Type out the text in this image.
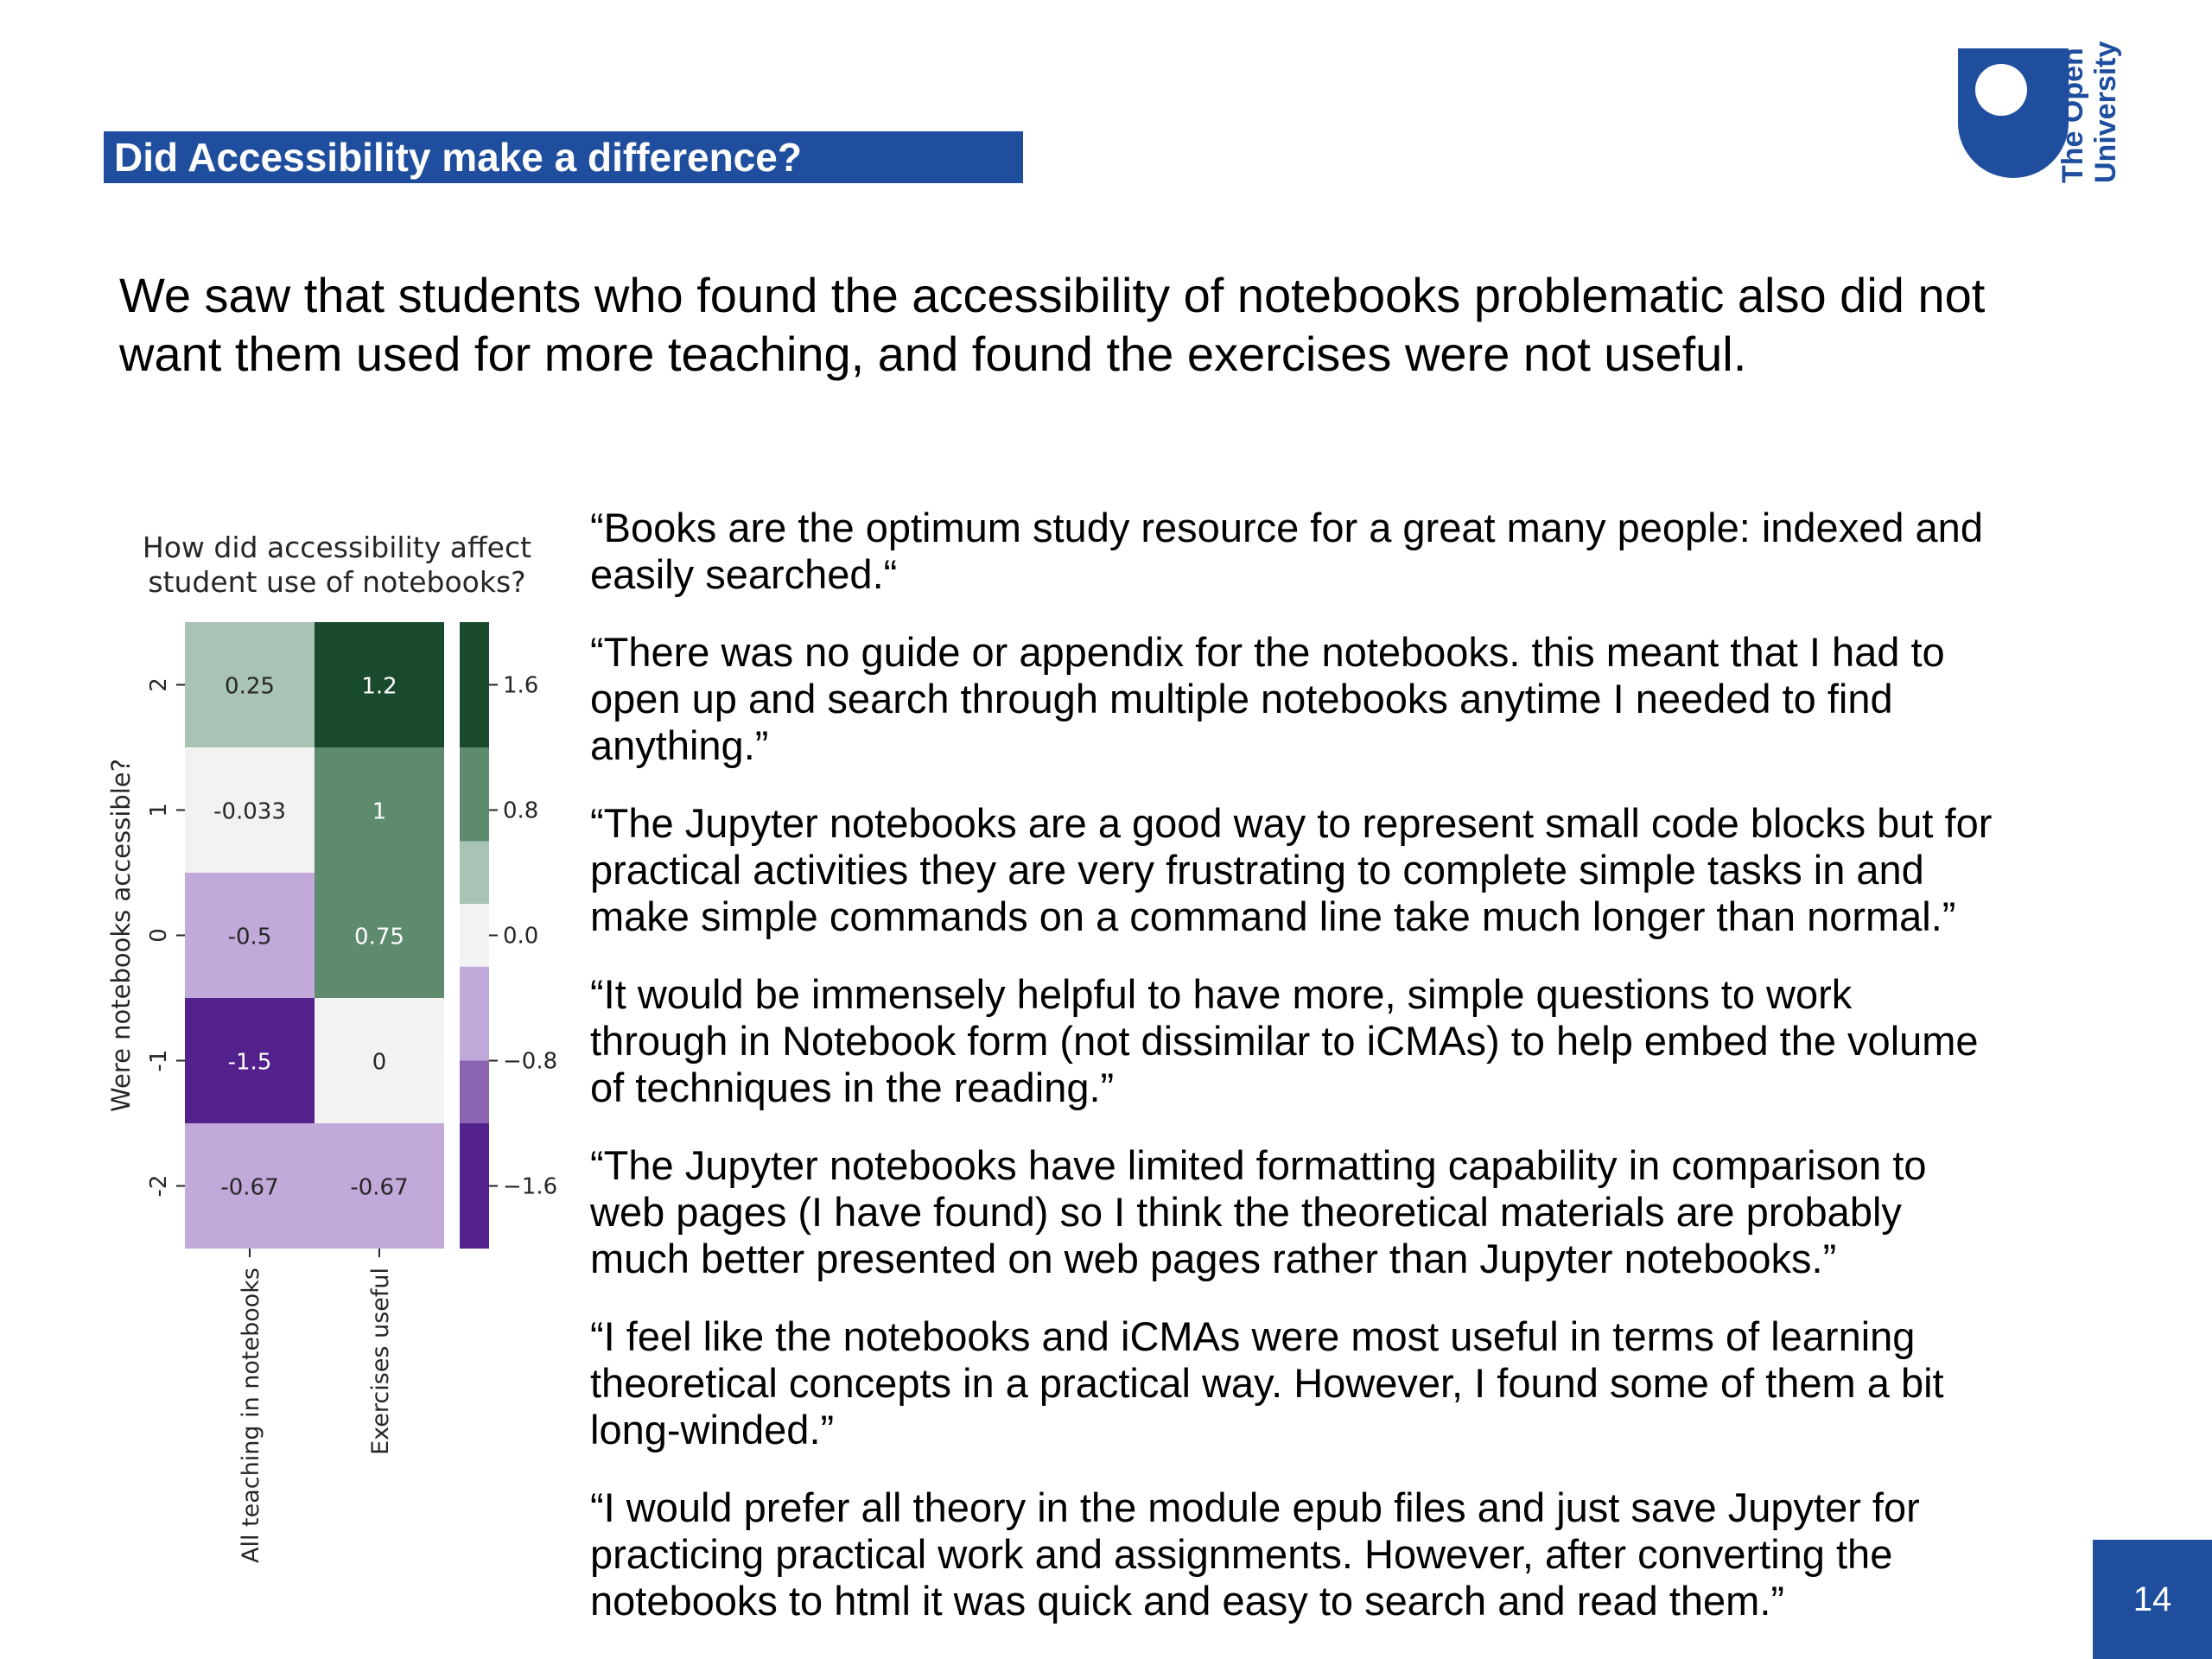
Did Accessibility make a difference?	The Open University
We saw that students who found the accessibility of notebooks problematic also did not
want them used for more teaching, and found the exercises were not useful.
How did accessibility affect
student use of notebooks?
0.25	1.2
-0.033	1
-0.5	0.75
-1.5	0
-0.67	-0.67
2
1
0
-1
-2
Were notebooks accessible?
All teaching in notebooks	Exercises useful
1.6
0.8
0.0
−0.8
−1.6
“Books are the optimum study resource for a great many people: indexed and
easily searched.“
“There was no guide or appendix for the notebooks. this meant that I had to
open up and search through multiple notebooks anytime I needed to find
anything.”
“The Jupyter notebooks are a good way to represent small code blocks but for
practical activities they are very frustrating to complete simple tasks in and
make simple commands on a command line take much longer than normal.”
“It would be immensely helpful to have more, simple questions to work
through in Notebook form (not dissimilar to iCMAs) to help embed the volume
of techniques in the reading.”
“The Jupyter notebooks have limited formatting capability in comparison to
web pages (I have found) so I think the theoretical materials are probably
much better presented on web pages rather than Jupyter notebooks.”
“I feel like the notebooks and iCMAs were most useful in terms of learning
theoretical concepts in a practical way. However, I found some of them a bit
long-winded.”
“I would prefer all theory in the module epub files and just save Jupyter for
practicing practical work and assignments. However, after converting the
notebooks to html it was quick and easy to search and read them.”	14
